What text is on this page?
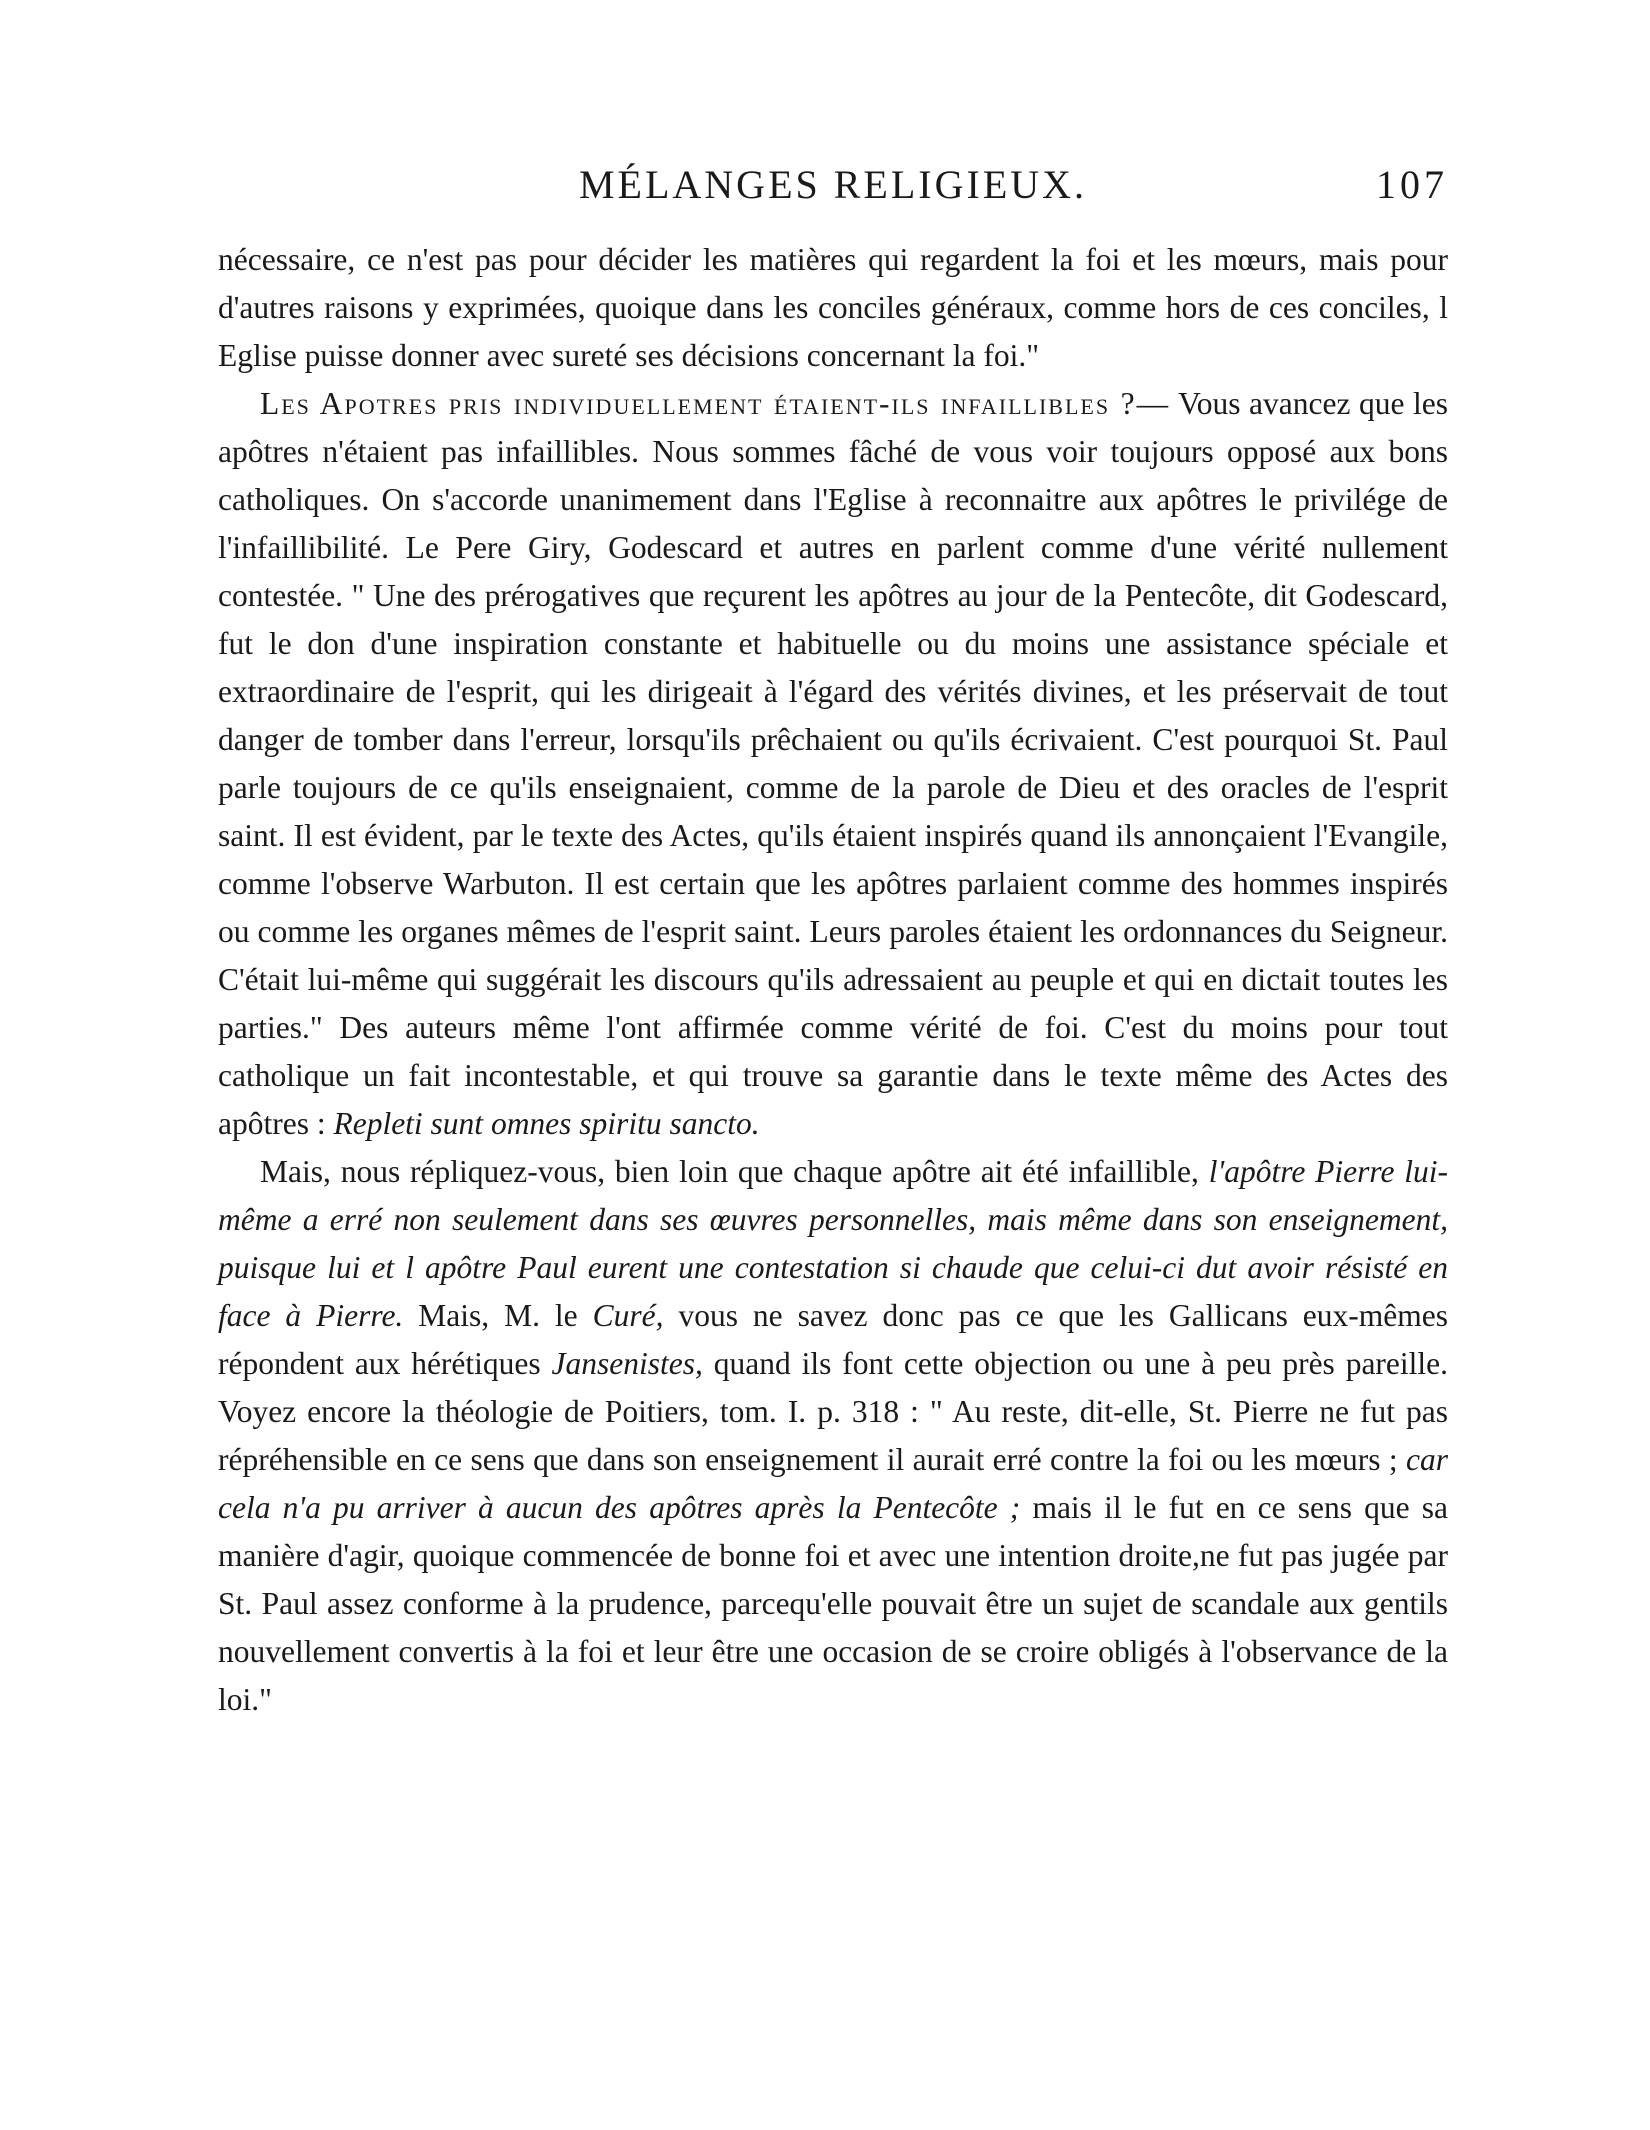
MÉLANGES RELIGIEUX.	107

nécessaire, ce n'est pas pour décider les matières qui regardent la foi et les mœurs, mais pour d'autres raisons y exprimées, quoique dans les conciles généraux, comme hors de ces conciles, l Eglise puisse donner avec sureté ses décisions concernant la foi."

Les Apotres pris individuellement étaient-ils infaillibles ?— Vous avancez que les apôtres n'étaient pas infaillibles. Nous sommes fâché de vous voir toujours opposé aux bons catholiques. On s'accorde unanimement dans l'Eglise à reconnaitre aux apôtres le privilége de l'infaillibilité. Le Pere Giry, Godescard et autres en parlent comme d'une vérité nullement contestée. " Une des prérogatives que reçurent les apôtres au jour de la Pentecôte, dit Godescard, fut le don d'une inspiration constante et habituelle ou du moins une assistance spéciale et extraordinaire de l'esprit, qui les dirigeait à l'égard des vérités divines, et les préservait de tout danger de tomber dans l'erreur, lorsqu'ils prêchaient ou qu'ils écrivaient. C'est pourquoi St. Paul parle toujours de ce qu'ils enseignaient, comme de la parole de Dieu et des oracles de l'esprit saint. Il est évident, par le texte des Actes, qu'ils étaient inspirés quand ils annonçaient l'Evangile, comme l'observe Warbuton. Il est certain que les apôtres parlaient comme des hommes inspirés ou comme les organes mêmes de l'esprit saint. Leurs paroles étaient les ordonnances du Seigneur. C'était lui-même qui suggérait les discours qu'ils adressaient au peuple et qui en dictait toutes les parties." Des auteurs même l'ont affirmée comme vérité de foi. C'est du moins pour tout catholique un fait incontestable, et qui trouve sa garantie dans le texte même des Actes des apôtres : Repleti sunt omnes spiritu sancto.

Mais, nous répliquez-vous, bien loin que chaque apôtre ait été infaillible, l'apôtre Pierre lui-même a erré non seulement dans ses œuvres personnelles, mais même dans son enseignement, puisque lui et l apôtre Paul eurent une contestation si chaude que celui-ci dut avoir résisté en face à Pierre. Mais, M. le Curé, vous ne savez donc pas ce que les Gallicans eux-mêmes répondent aux hérétiques Jansenistes, quand ils font cette objection ou une à peu près pareille. Voyez encore la théologie de Poitiers, tom. I. p. 318 : " Au reste, dit-elle, St. Pierre ne fut pas répréhensible en ce sens que dans son enseignement il aurait erré contre la foi ou les mœurs ; car cela n'a pu arriver à aucun des apôtres après la Pentecôte ; mais il le fut en ce sens que sa manière d'agir, quoique commencée de bonne foi et avec une intention droite,ne fut pas jugée par St. Paul assez conforme à la prudence, parcequ'elle pouvait être un sujet de scandale aux gentils nouvellement convertis à la foi et leur être une occasion de se croire obligés à l'observance de la loi."
